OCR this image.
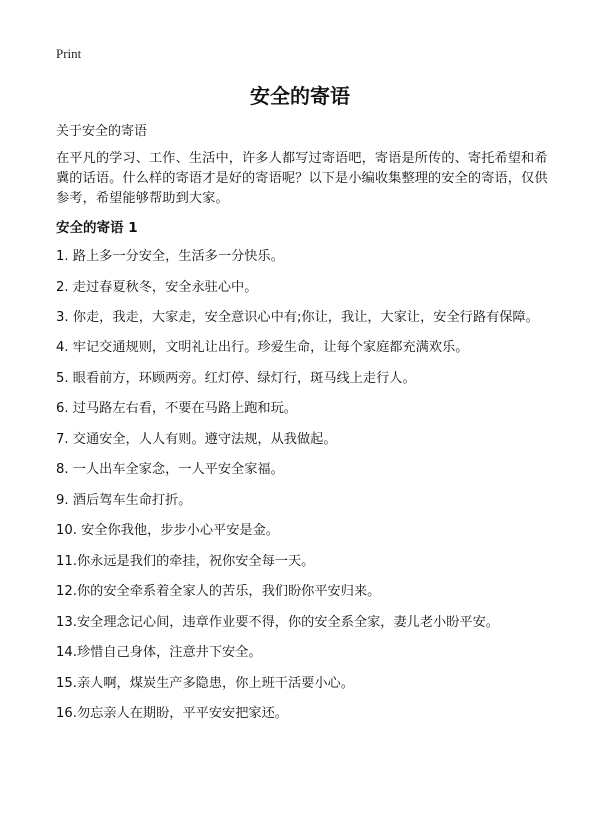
Print
安全的寄语

关于安全的寄语

在平凡的学习、工作、生活中，许多人都写过寄语吧，寄语是所传的、寄托希望和希冀的话语。什么样的寄语才是好的寄语呢？以下是小编收集整理的安全的寄语，仅供参考，希望能够帮助到大家。

安全的寄语 1
1. 路上多一分安全，生活多一分快乐。
2. 走过春夏秋冬，安全永驻心中。
3. 你走，我走，大家走，安全意识心中有;你让，我让，大家让，安全行路有保障。
4. 牢记交通规则，文明礼让出行。珍爱生命，让每个家庭都充满欢乐。
5. 眼看前方，环顾两旁。红灯停、绿灯行，斑马线上走行人。
6. 过马路左右看，不要在马路上跑和玩。
7. 交通安全，人人有则。遵守法规，从我做起。
8. 一人出车全家念，一人平安全家福。
9. 酒后驾车生命打折。
10. 安全你我他，步步小心平安是金。
11.你永远是我们的牵挂，祝你安全每一天。
12.你的安全牵系着全家人的苦乐，我们盼你平安归来。
13.安全理念记心间，违章作业要不得，你的安全系全家，妻儿老小盼平安。
14.珍惜自己身体，注意井下安全。
15.亲人啊，煤炭生产多隐患，你上班干活要小心。
16.勿忘亲人在期盼，平平安安把家还。
